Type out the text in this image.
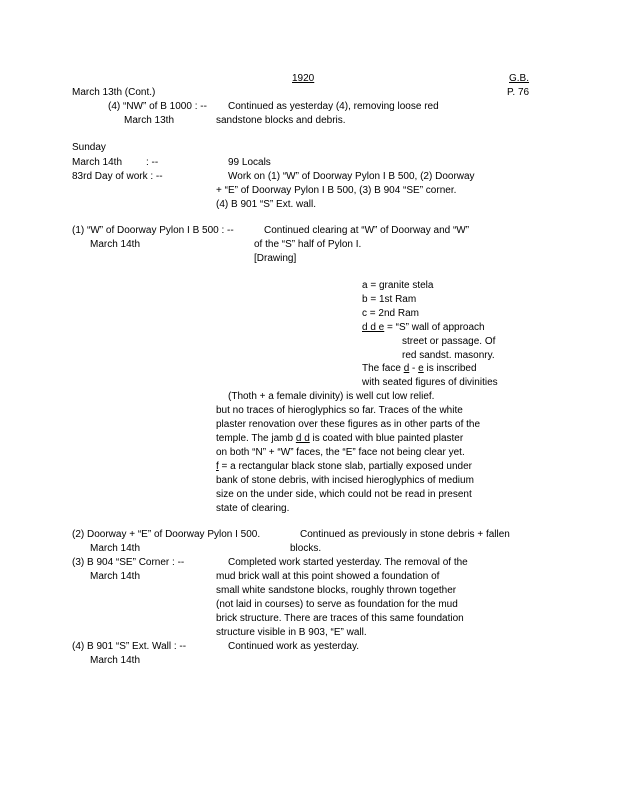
1920	G.B.
March 13th (Cont.)	P. 76
(4) “NW” of B 1000 : -- Continued as yesterday (4), removing loose red
March 13th	sandstone blocks and debris.
Sunday
March 14th : --	99 Locals
83rd Day of work : --	Work on (1) “W” of Doorway Pylon I B 500, (2) Doorway
+ “E” of Doorway Pylon I B 500, (3) B 904 “SE” corner.
(4) B 901 “S” Ext. wall.
(1) “W” of Doorway Pylon I B 500 : --	Continued clearing at “W” of Doorway and “W”
March 14th	of the “S” half of Pylon I.
[Drawing]
a = granite stela
b = 1st Ram
c = 2nd Ram
d d e = “S” wall of approach
street or passage. Of
red sandst. masonry.
The face d - e is inscribed
with seated figures of divinities
(Thoth + a female divinity) is well cut low relief.
but no traces of hieroglyphics so far. Traces of the white
plaster renovation over these figures as in other parts of the
temple. The jamb d d is coated with blue painted plaster
on both “N” + “W” faces, the “E” face not being clear yet.
f = a rectangular black stone slab, partially exposed under
bank of stone debris, with incised hieroglyphics of medium
size on the under side, which could not be read in present
state of clearing.
(2) Doorway + “E” of Doorway Pylon I 500.	Continued as previously in stone debris + fallen
March 14th	blocks.
(3) B 904 “SE” Corner : --	Completed work started yesterday. The removal of the
March 14th	mud brick wall at this point showed a foundation of
small white sandstone blocks, roughly thrown together
(not laid in courses) to serve as foundation for the mud
brick structure. There are traces of this same foundation
structure visible in B 903, “E” wall.
(4) B 901 “S” Ext. Wall : --	Continued work as yesterday.
March 14th
